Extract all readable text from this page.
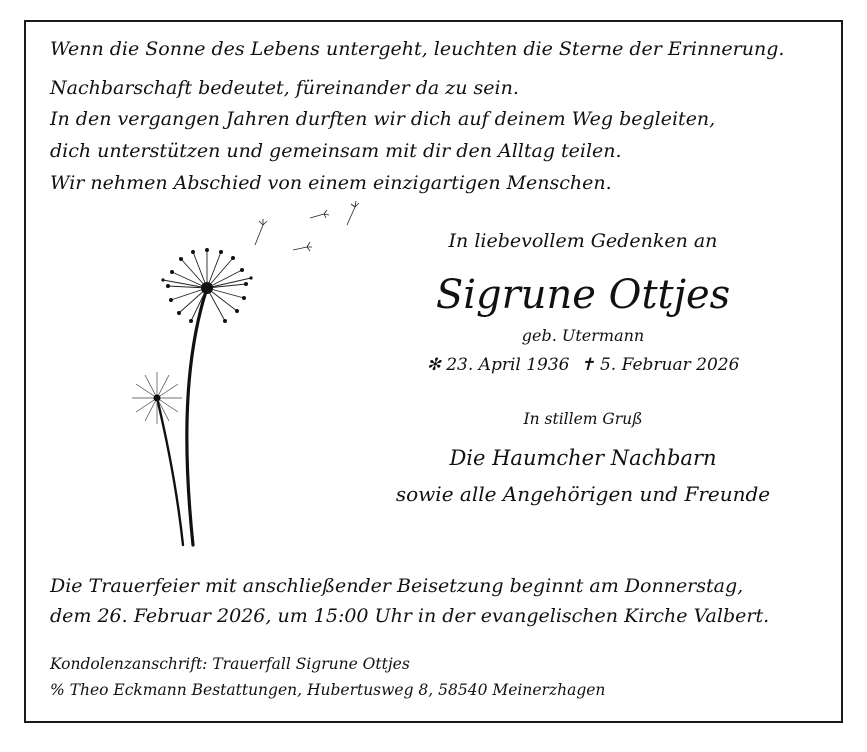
Wenn die Sonne des Lebens untergeht, leuchten die Sterne der Erinnerung.
Nachbarschaft bedeutet, füreinander da zu sein.
In den vergangen Jahren durften wir dich auf deinem Weg begleiten,
dich unterstützen und gemeinsam mit dir den Alltag teilen.
Wir nehmen Abschied von einem einzigartigen Menschen.
In liebevollem Gedenken an
Sigrune Ottjes
geb. Utermann
✻ 23. April 1936 ✝ 5. Februar 2026
In stillem Gruß
Die Haumcher Nachbarn
sowie alle Angehörigen und Freunde
Die Trauerfeier mit anschließender Beisetzung beginnt am Donnerstag,
dem 26. Februar 2026, um 15:00 Uhr in der evangelischen Kirche Valbert.
Kondolenzanschrift: Trauerfall Sigrune Ottjes
% Theo Eckmann Bestattungen, Hubertusweg 8, 58540 Meinerzhagen
